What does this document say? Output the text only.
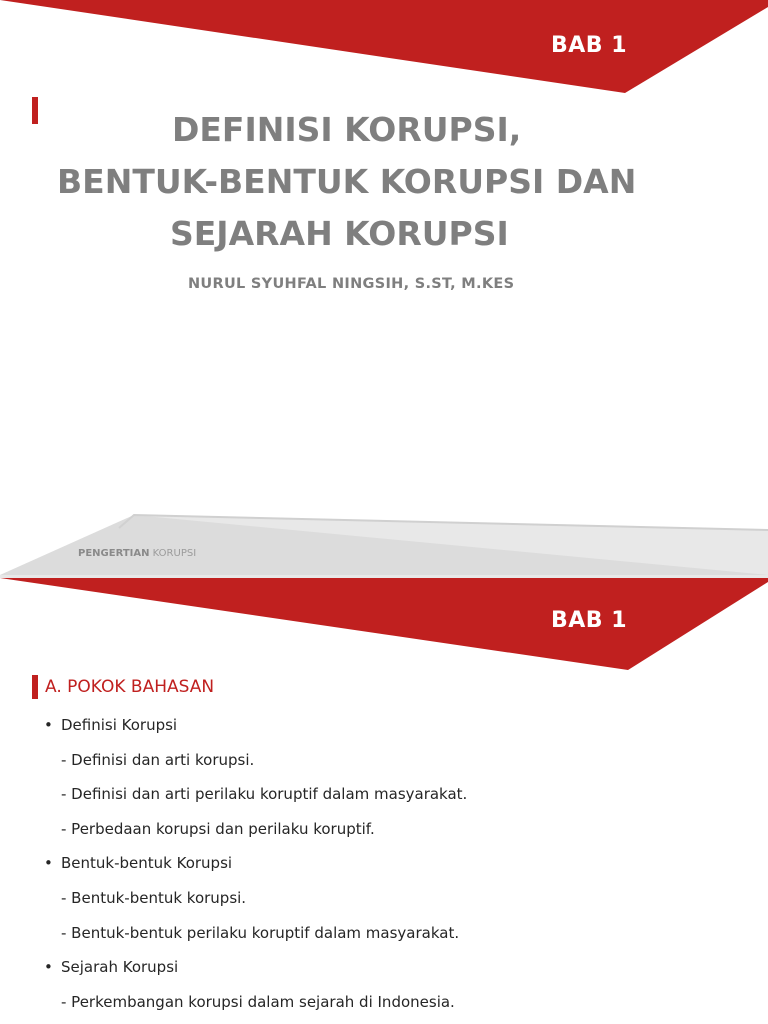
BAB 1
DEFINISI KORUPSI,
BENTUK-BENTUK KORUPSI DAN
SEJARAH KORUPSI

NURUL SYUHFAL NINGSIH, S.ST, M.KES

PENGERTIAN KORUPSI
BAB 1
A. POKOK BAHASAN
• Definisi Korupsi
- Definisi dan arti korupsi.
- Definisi dan arti perilaku koruptif dalam masyarakat.
- Perbedaan korupsi dan perilaku koruptif.
• Bentuk-bentuk Korupsi
- Bentuk-bentuk korupsi.
- Bentuk-bentuk perilaku koruptif dalam masyarakat.
• Sejarah Korupsi
- Perkembangan korupsi dalam sejarah di Indonesia.
